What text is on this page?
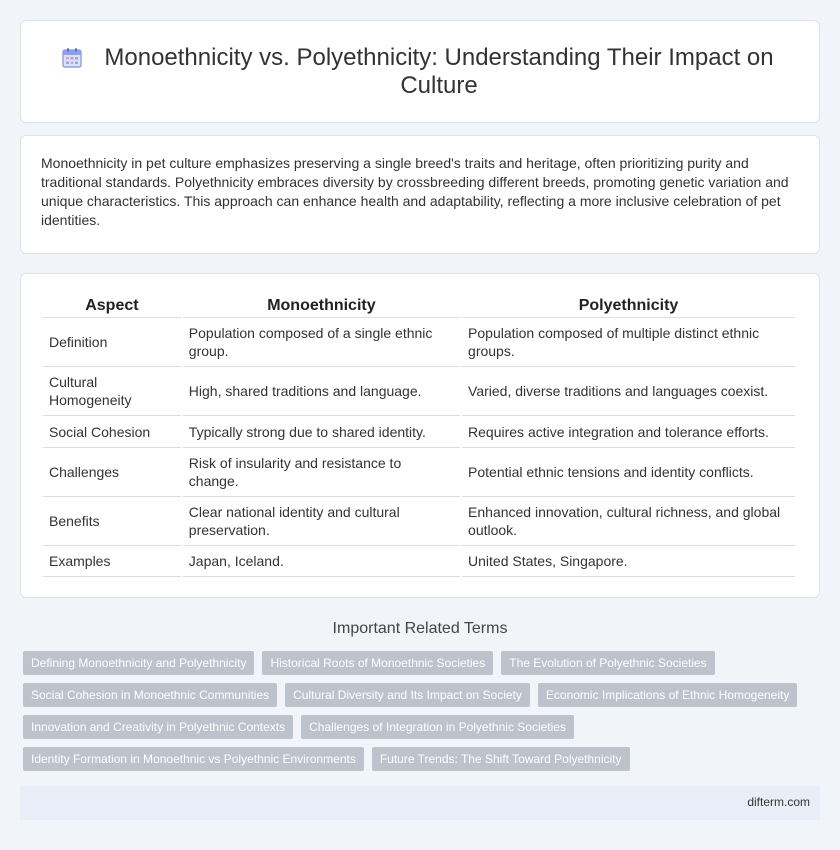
Monoethnicity vs. Polyethnicity: Understanding Their Impact on Culture

Monoethnicity in pet culture emphasizes preserving a single breed's traits and heritage, often prioritizing purity and traditional standards. Polyethnicity embraces diversity by crossbreeding different breeds, promoting genetic variation and unique characteristics. This approach can enhance health and adaptability, reflecting a more inclusive celebration of pet identities.

Aspect	Monoethnicity	Polyethnicity
Definition	Population composed of a single ethnic group.	Population composed of multiple distinct ethnic groups.
Cultural Homogeneity	High, shared traditions and language.	Varied, diverse traditions and languages coexist.
Social Cohesion	Typically strong due to shared identity.	Requires active integration and tolerance efforts.
Challenges	Risk of insularity and resistance to change.	Potential ethnic tensions and identity conflicts.
Benefits	Clear national identity and cultural preservation.	Enhanced innovation, cultural richness, and global outlook.
Examples	Japan, Iceland.	United States, Singapore.
Important Related Terms
Defining Monoethnicity and Polyethnicity	Historical Roots of Monoethnic Societies	The Evolution of Polyethnic Societies
Social Cohesion in Monoethnic Communities	Cultural Diversity and Its Impact on Society	Economic Implications of Ethnic Homogeneity
Innovation and Creativity in Polyethnic Contexts	Challenges of Integration in Polyethnic Societies
Identity Formation in Monoethnic vs Polyethnic Environments	Future Trends: The Shift Toward Polyethnicity
difterm.com
